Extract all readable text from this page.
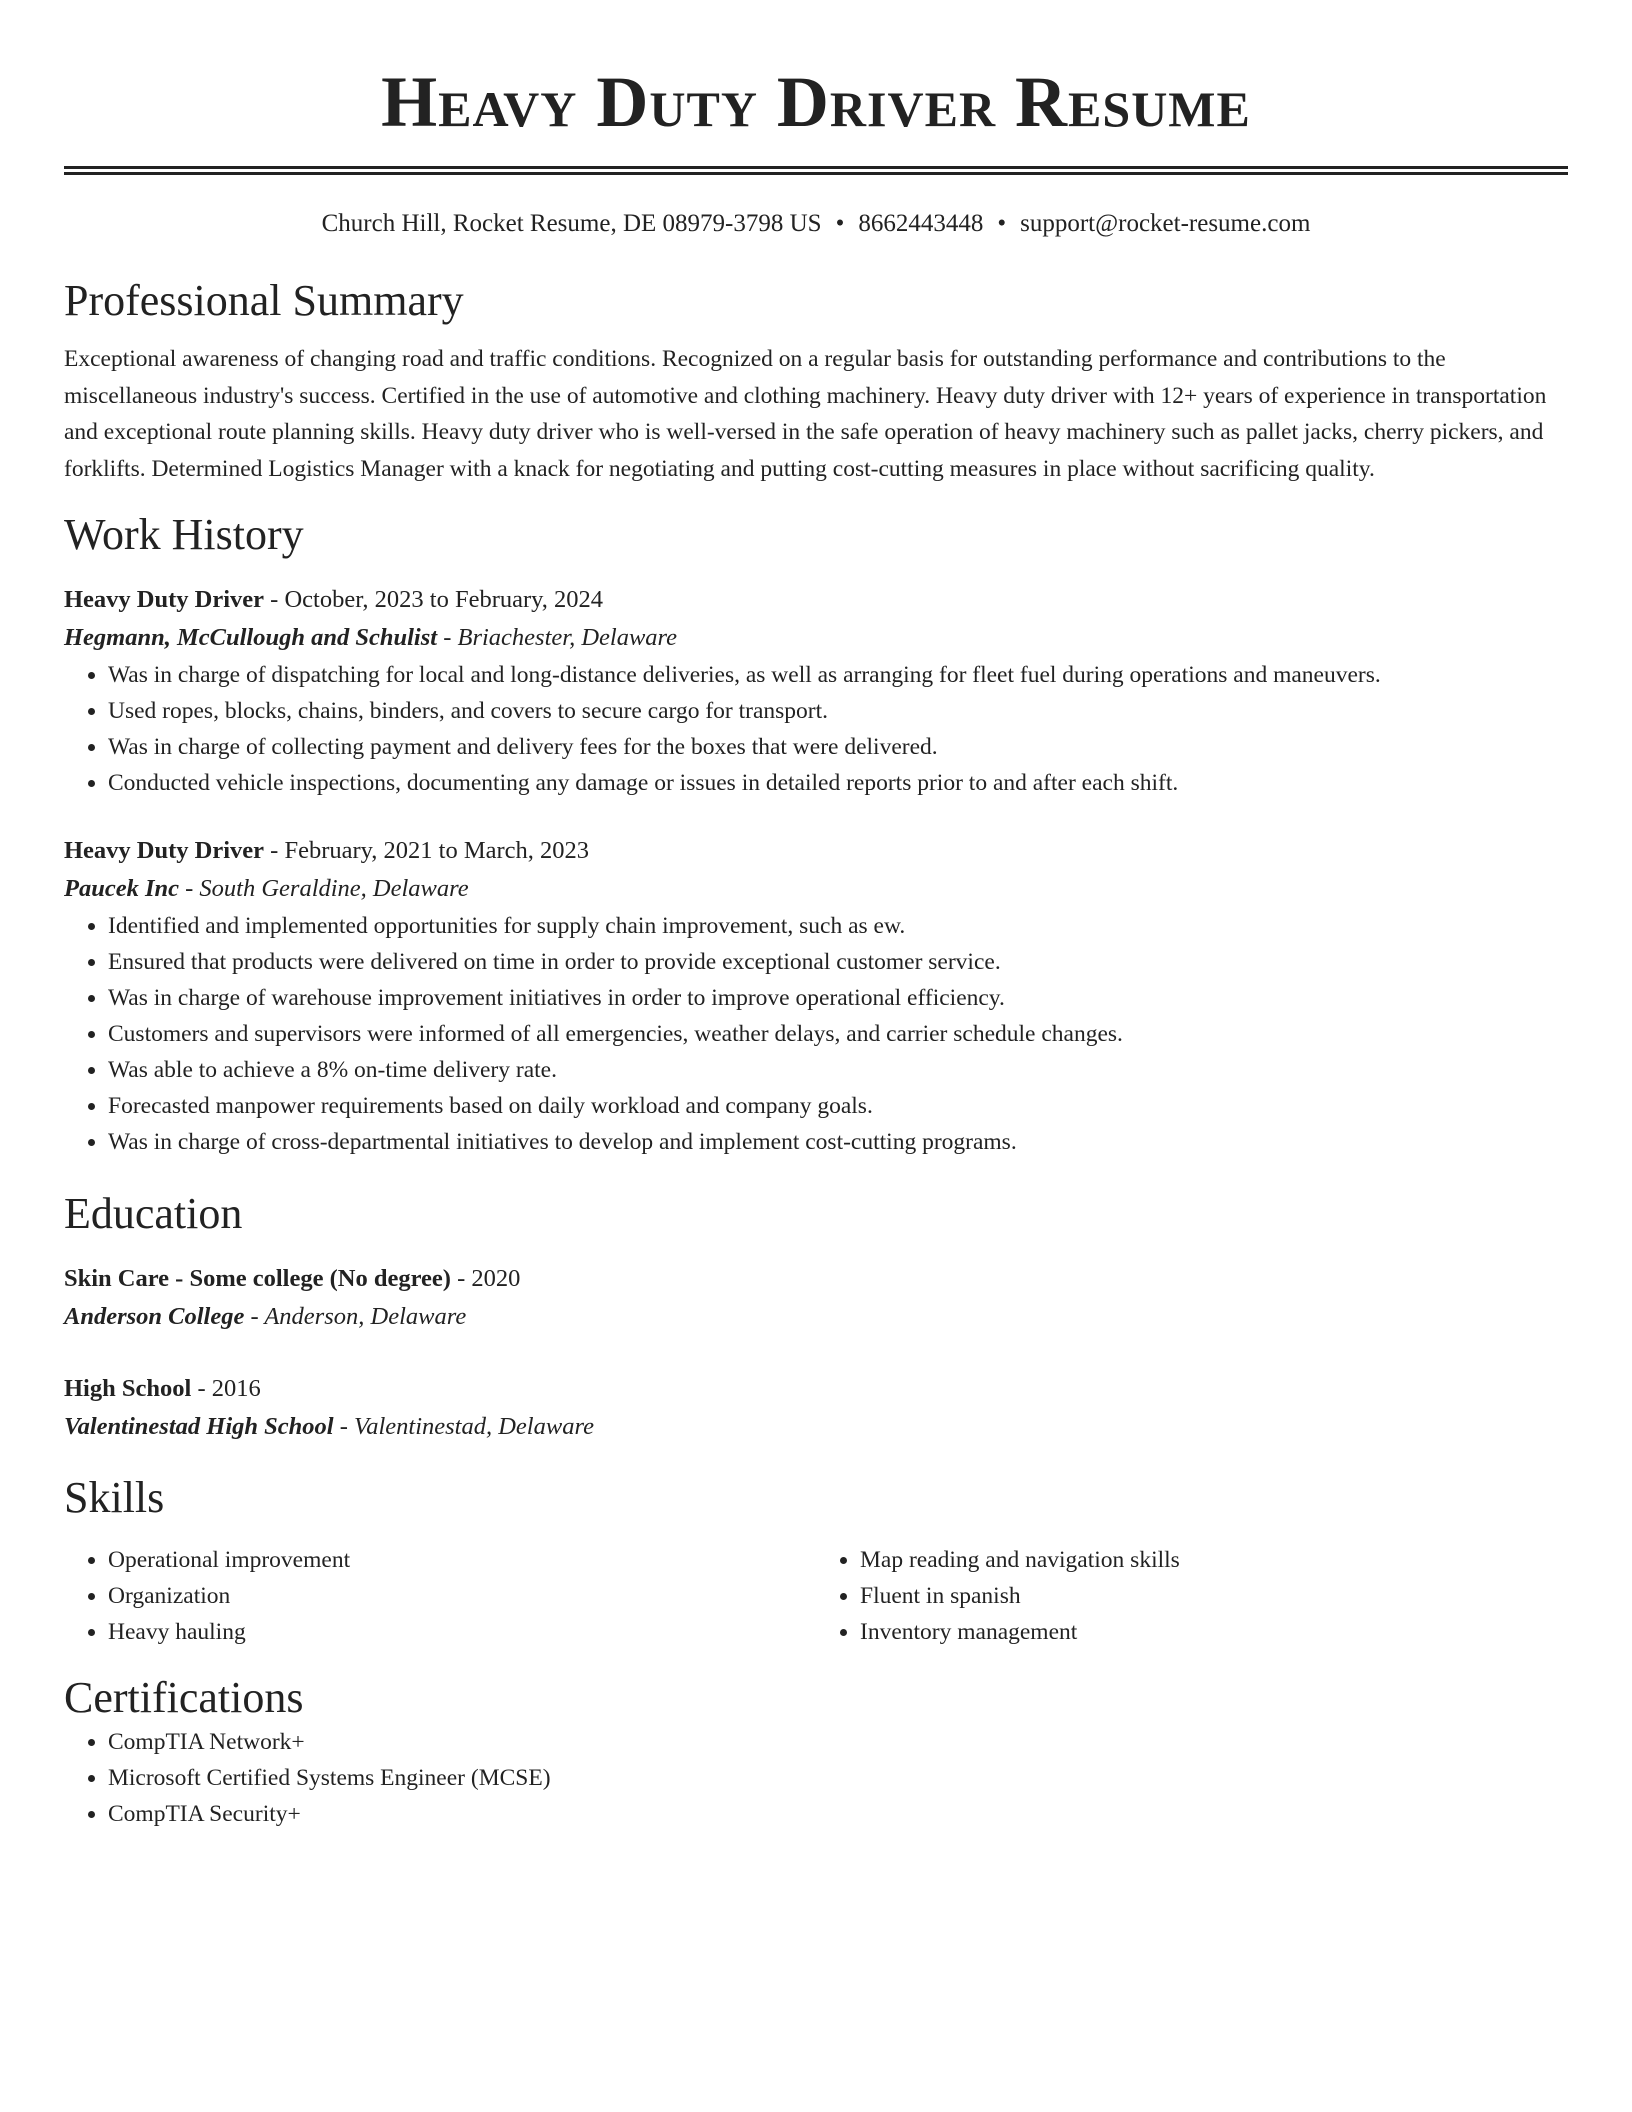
Heavy Duty Driver Resume
Church Hill, Rocket Resume, DE 08979-3798 US • 8662443448 • support@rocket-resume.com
Professional Summary
Exceptional awareness of changing road and traffic conditions. Recognized on a regular basis for outstanding performance and contributions to the miscellaneous industry's success. Certified in the use of automotive and clothing machinery. Heavy duty driver with 12+ years of experience in transportation and exceptional route planning skills. Heavy duty driver who is well-versed in the safe operation of heavy machinery such as pallet jacks, cherry pickers, and forklifts. Determined Logistics Manager with a knack for negotiating and putting cost-cutting measures in place without sacrificing quality.
Work History
Heavy Duty Driver - October, 2023 to February, 2024
Hegmann, McCullough and Schulist - Briachester, Delaware
• Was in charge of dispatching for local and long-distance deliveries, as well as arranging for fleet fuel during operations and maneuvers.
• Used ropes, blocks, chains, binders, and covers to secure cargo for transport.
• Was in charge of collecting payment and delivery fees for the boxes that were delivered.
• Conducted vehicle inspections, documenting any damage or issues in detailed reports prior to and after each shift.
Heavy Duty Driver - February, 2021 to March, 2023
Paucek Inc - South Geraldine, Delaware
• Identified and implemented opportunities for supply chain improvement, such as ew.
• Ensured that products were delivered on time in order to provide exceptional customer service.
• Was in charge of warehouse improvement initiatives in order to improve operational efficiency.
• Customers and supervisors were informed of all emergencies, weather delays, and carrier schedule changes.
• Was able to achieve a 8% on-time delivery rate.
• Forecasted manpower requirements based on daily workload and company goals.
• Was in charge of cross-departmental initiatives to develop and implement cost-cutting programs.
Education
Skin Care - Some college (No degree) - 2020
Anderson College - Anderson, Delaware
High School - 2016
Valentinestad High School - Valentinestad, Delaware
Skills
• Operational improvement
• Organization
• Heavy hauling
• Map reading and navigation skills
• Fluent in spanish
• Inventory management
Certifications
• CompTIA Network+
• Microsoft Certified Systems Engineer (MCSE)
• CompTIA Security+
